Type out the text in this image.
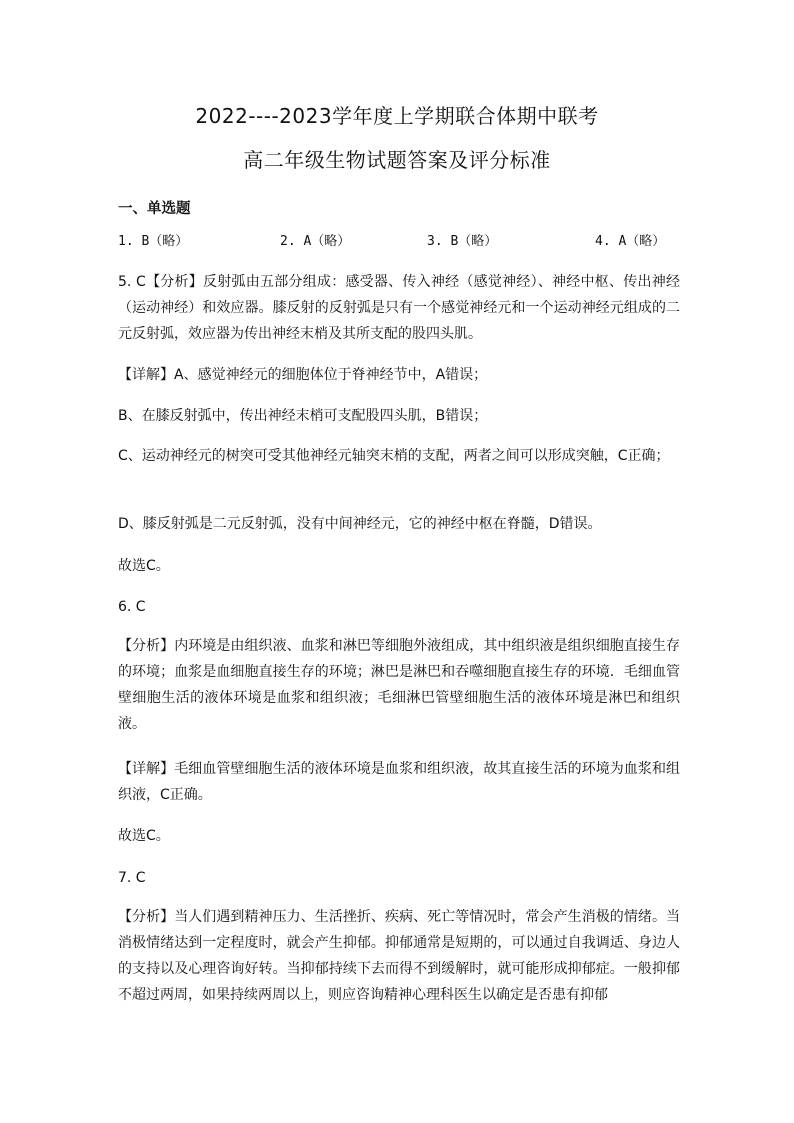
2022----2023学年度上学期联合体期中联考
高二年级生物试题答案及评分标准
一、单选题
1. B（略）	2. A（略）	3. B（略）	4. A（略）
5. C【分析】反射弧由五部分组成：感受器、传入神经（感觉神经）、神经中枢、传出神经（运动神经）和效应器。膝反射的反射弧是只有一个感觉神经元和一个运动神经元组成的二元反射弧，效应器为传出神经末梢及其所支配的股四头肌。
【详解】A、感觉神经元的细胞体位于脊神经节中，A错误；
B、在膝反射弧中，传出神经末梢可支配股四头肌，B错误；
C、运动神经元的树突可受其他神经元轴突末梢的支配，两者之间可以形成突触，C正确；
D、膝反射弧是二元反射弧，没有中间神经元，它的神经中枢在脊髓，D错误。
故选C。
6. C
【分析】内环境是由组织液、血浆和淋巴等细胞外液组成，其中组织液是组织细胞直接生存的环境；血浆是血细胞直接生存的环境；淋巴是淋巴和吞噬细胞直接生存的环境．毛细血管壁细胞生活的液体环境是血浆和组织液；毛细淋巴管壁细胞生活的液体环境是淋巴和组织液。
【详解】毛细血管壁细胞生活的液体环境是血浆和组织液，故其直接生活的环境为血浆和组织液，C正确。
故选C。
7. C
【分析】当人们遇到精神压力、生活挫折、疾病、死亡等情况时，常会产生消极的情绪。当消极情绪达到一定程度时，就会产生抑郁。抑郁通常是短期的，可以通过自我调适、身边人的支持以及心理咨询好转。当抑郁持续下去而得不到缓解时，就可能形成抑郁症。一般抑郁不超过两周，如果持续两周以上，则应咨询精神心理科医生以确定是否患有抑郁
